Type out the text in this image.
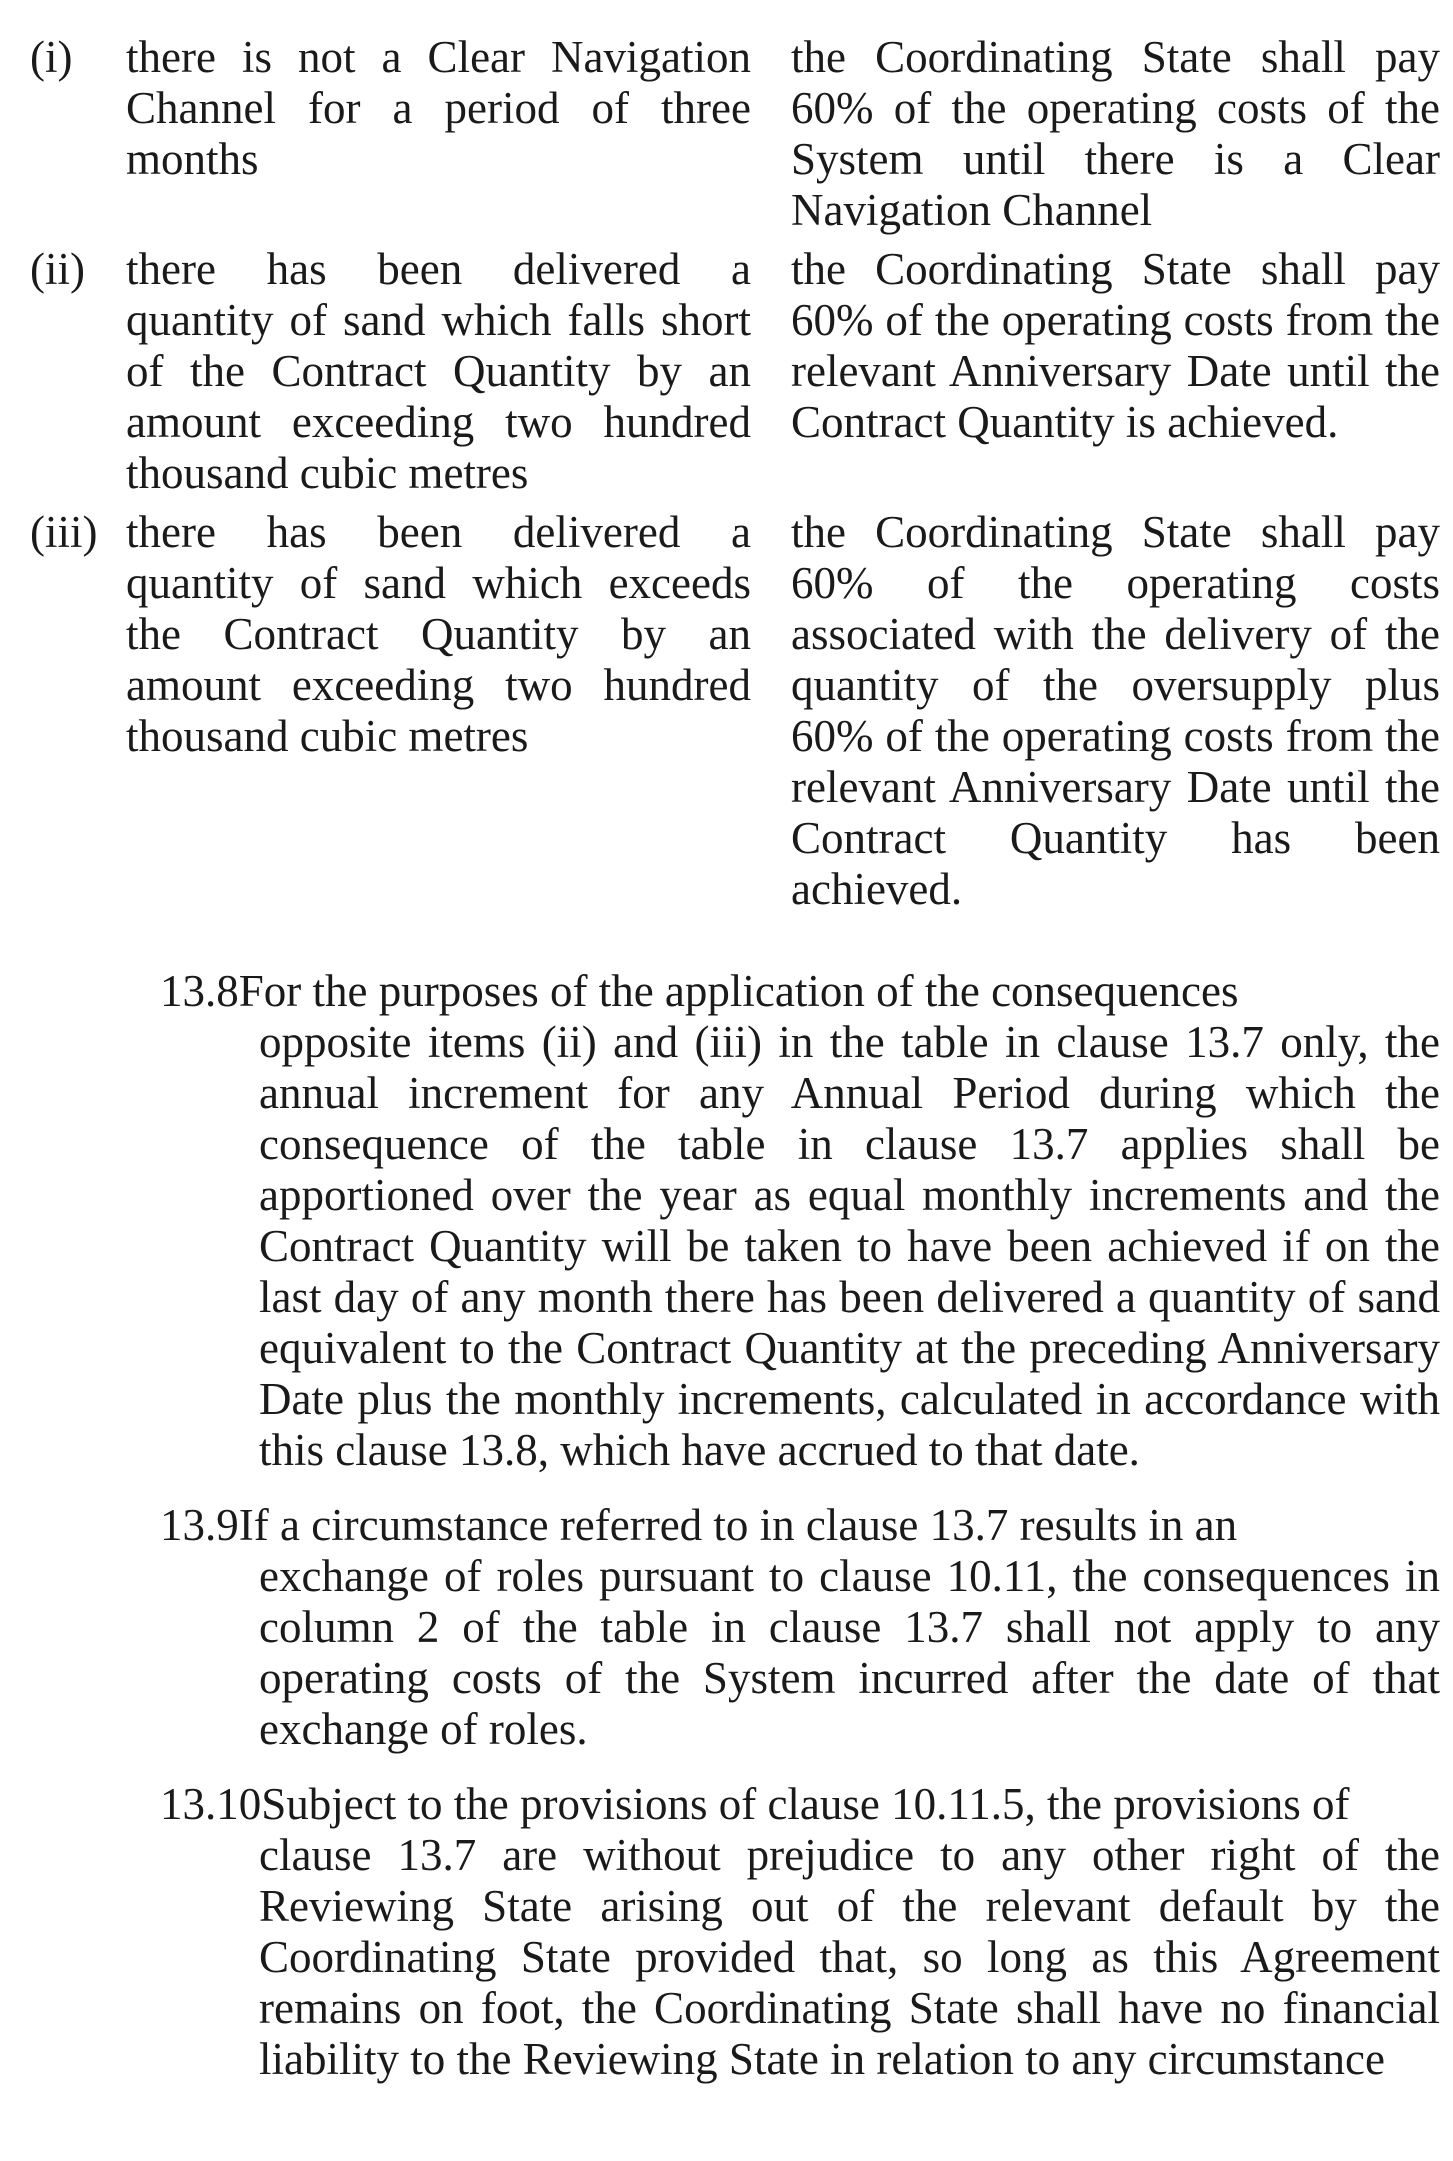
(i)	there is not a Clear Navigation Channel for a period of three months
the Coordinating State shall pay 60% of the operating costs of the System until there is a Clear Navigation Channel
(ii) there has been delivered a quantity of sand which falls short of the Contract Quantity by an amount exceeding two hundred thousand cubic metres
the Coordinating State shall pay 60% of the operating costs from the relevant Anniversary Date until the Contract Quantity is achieved.
(iii) there has been delivered a quantity of sand which exceeds the Contract Quantity by an amount exceeding two hundred thousand cubic metres
the Coordinating State shall pay 60% of the operating costs associated with the delivery of the quantity of the oversupply plus 60% of the operating costs from the relevant Anniversary Date until the Contract Quantity has been achieved.
13.8For the purposes of the application of the consequences
opposite items (ii) and (iii) in the table in clause 13.7 only, the annual increment for any Annual Period during which the consequence of the table in clause 13.7 applies shall be apportioned over the year as equal monthly increments and the Contract Quantity will be taken to have been achieved if on the last day of any month there has been delivered a quantity of sand equivalent to the Contract Quantity at the preceding Anniversary Date plus the monthly increments, calculated in accordance with this clause 13.8, which have accrued to that date.
13.9If a circumstance referred to in clause 13.7 results in an
exchange of roles pursuant to clause 10.11, the consequences in column 2 of the table in clause 13.7 shall not apply to any operating costs of the System incurred after the date of that exchange of roles.
13.10Subject to the provisions of clause 10.11.5, the provisions of
clause 13.7 are without prejudice to any other right of the Reviewing State arising out of the relevant default by the Coordinating State provided that, so long as this Agreement remains on foot, the Coordinating State shall have no financial liability to the Reviewing State in relation to any circumstance
